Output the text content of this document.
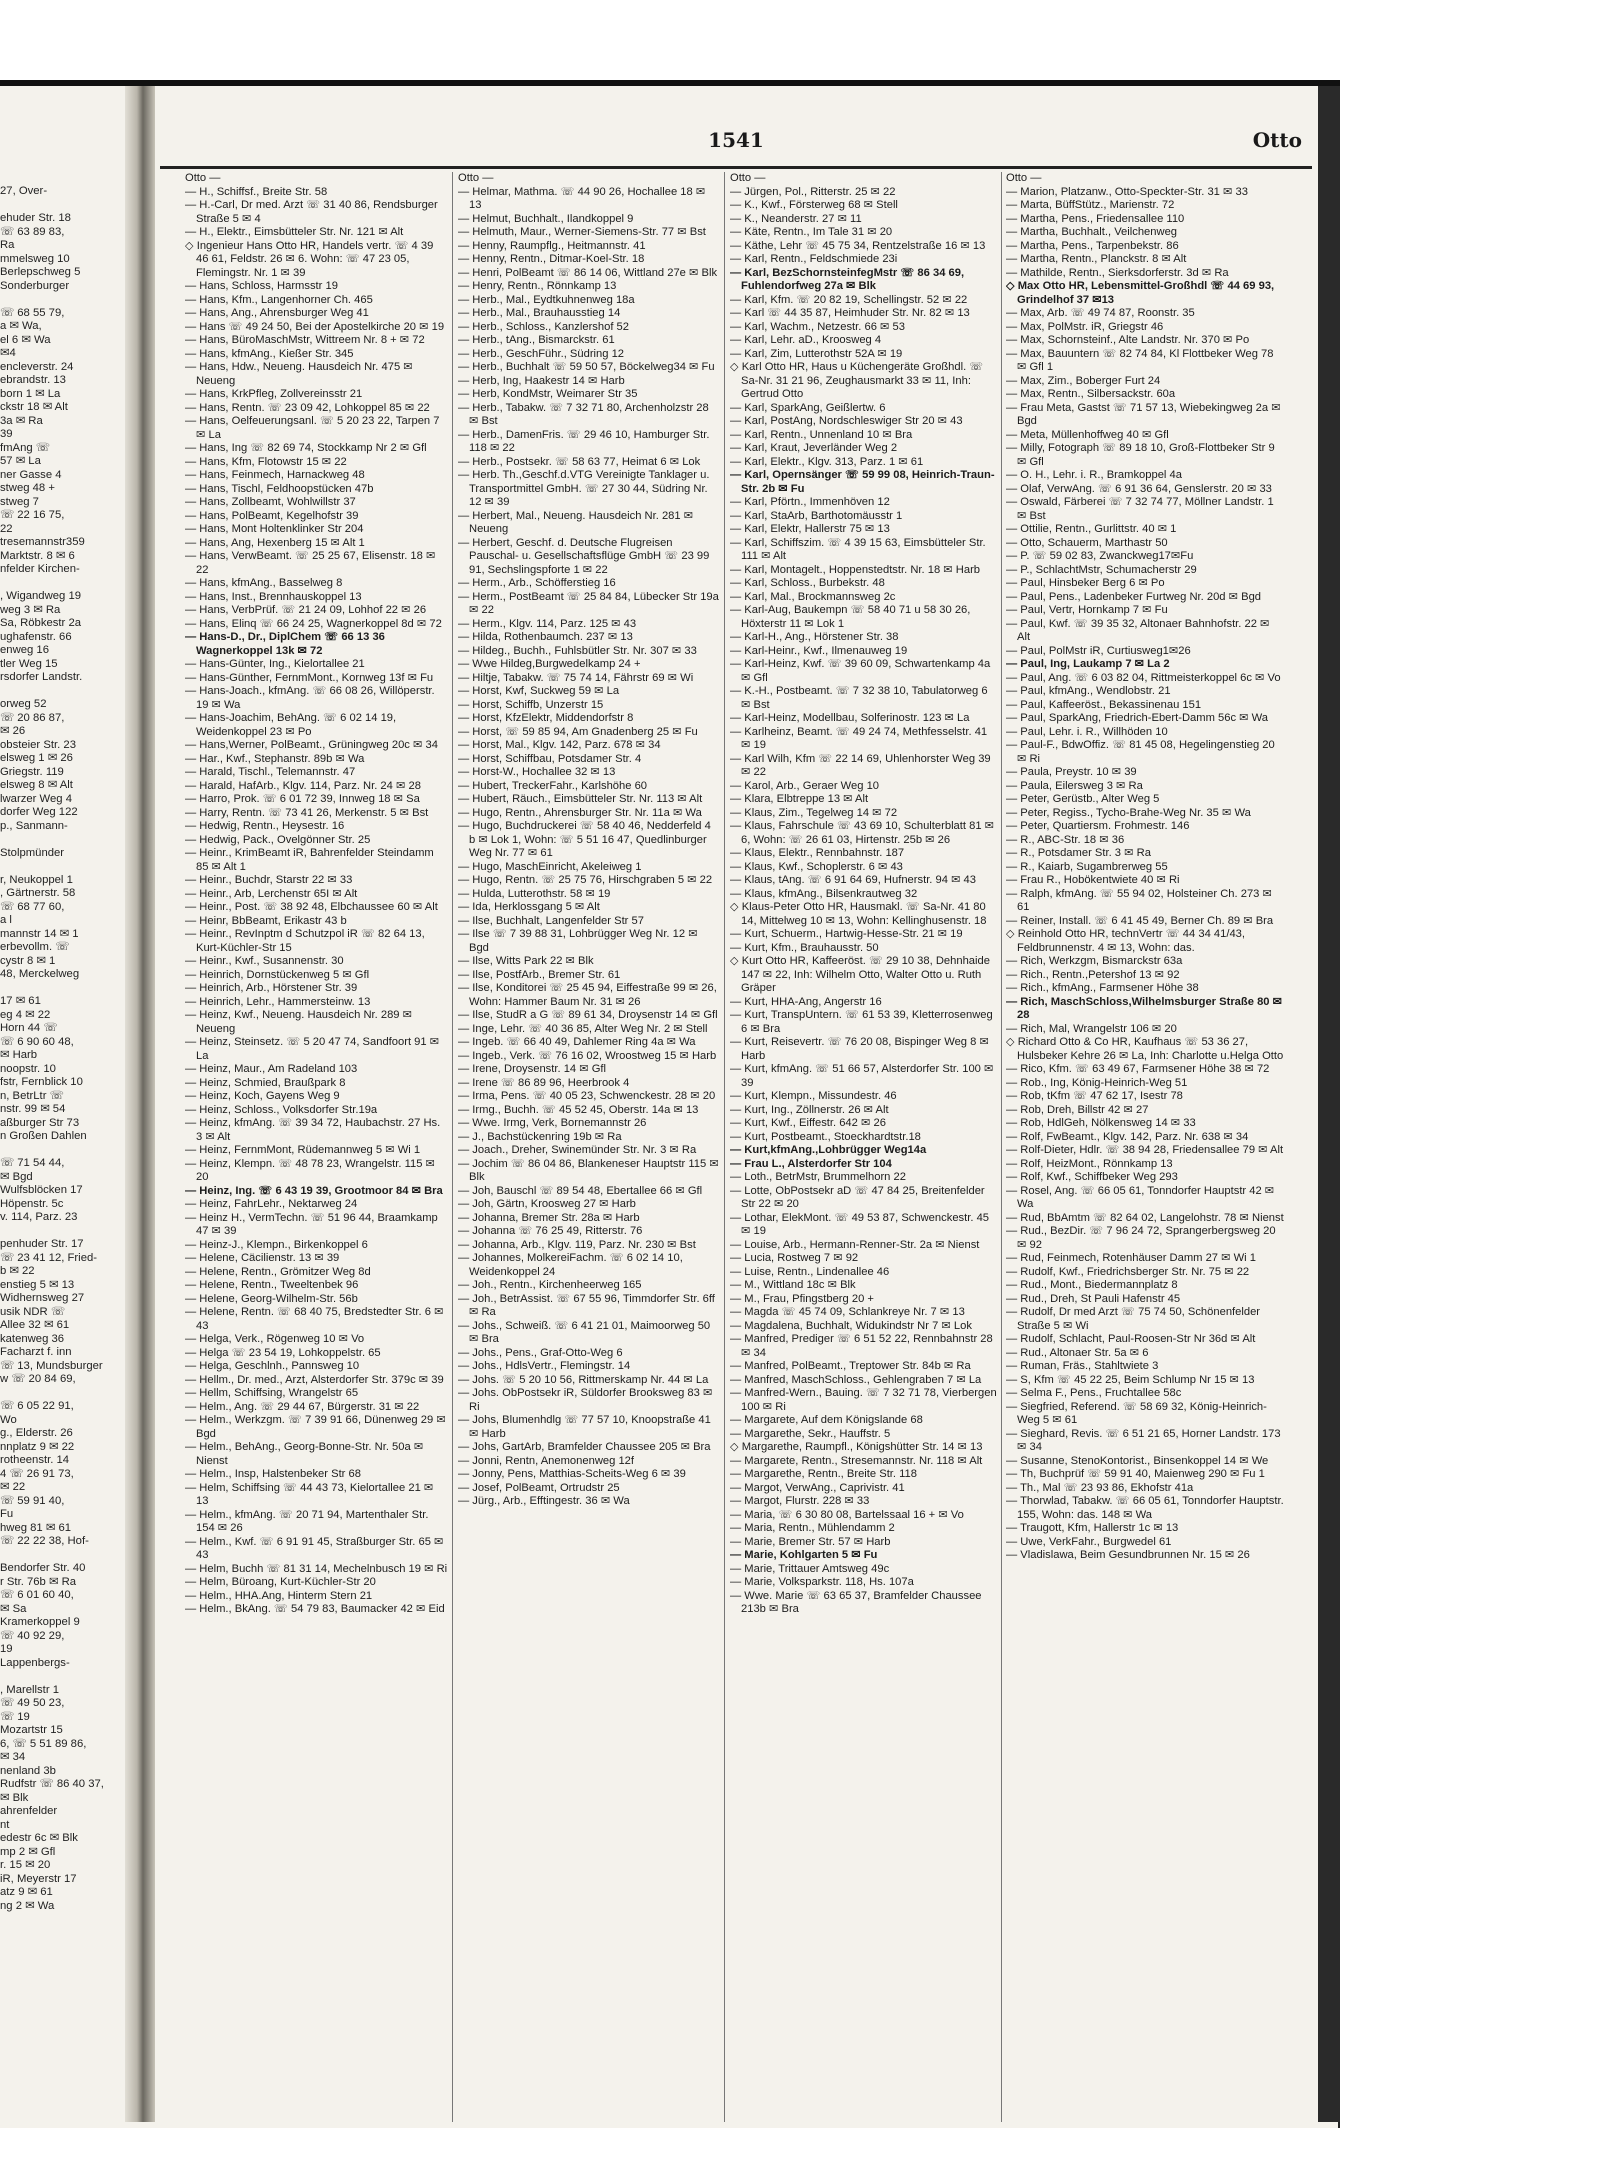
27, Over-

ehuder Str. 18
☏ 63 89 83,
Ra
mmelsweg 10
Berlepschweg 5
Sonderburger

☏ 68 55 79,
a ✉ Wa,
el 6 ✉ Wa
✉4
encleverstr. 24
ebrandstr. 13
born 1 ✉ La
ckstr 18 ✉ Alt
3a ✉ Ra
39
fmAng ☏
57 ✉ La
ner Gasse 4
stweg 48 +
stweg 7
☏ 22 16 75,
22
tresemannstr359
Marktstr. 8 ✉ 6
nfelder Kirchen-

, Wigandweg 19
weg 3 ✉ Ra
Sa, Röbkestr 2a
ughafenstr. 66
enweg 16
tler Weg 15
rsdorfer Landstr.

orweg 52
☏ 20 86 87,
✉ 26
obsteier Str. 23
elsweg 1 ✉ 26
Griegstr. 119
elsweg 8 ✉ Alt
lwarzer Weg 4
dorfer Weg 122
p., Sanmann-

Stolpmünder

r, Neukoppel 1
, Gärtnerstr. 58
☏ 68 77 60,
a l
mannstr 14 ✉ 1
erbevollm. ☏
cystr 8 ✉ 1
48, Merckelweg

17 ✉ 61
eg 4 ✉ 22
Horn 44 ☏
☏ 6 90 60 48,
✉ Harb
noopstr. 10
fstr, Fernblick 10
n, BetrLtr ☏
nstr. 99 ✉ 54
aßburger Str 73
n Großen Dahlen

☏ 71 54 44,
✉ Bgd
Wulfsblöcken 17
Höpenstr. 5c
v. 114, Parz. 23

penhuder Str. 17
☏ 23 41 12, Fried-
b ✉ 22
enstieg 5 ✉ 13
Widhernsweg 27
usik NDR ☏
Allee 32 ✉ 61
katenweg 36
Facharzt f. inn
☏ 13, Mundsburger
w ☏ 20 84 69,

☏ 6 05 22 91,
Wo
g., Elderstr. 26
nnplatz 9 ✉ 22
rotheenstr. 14
4 ☏ 26 91 73,
✉ 22
☏ 59 91 40,
Fu
hweg 81 ✉ 61
☏ 22 22 38, Hof-

Bendorfer Str. 40
r Str. 76b ✉ Ra
☏ 6 01 60 40,
✉ Sa
Kramerkoppel 9
☏ 40 92 29,
19
Lappenbergs-

, Marellstr 1
☏ 49 50 23,
☏ 19
Mozartstr 15
6, ☏ 5 51 89 86,
✉ 34
nenland 3b
Rudfstr ☏ 86 40 37,
✉ Blk
ahrenfelder
nt
edestr 6c ✉ Blk
mp 2 ✉ Gfl
r. 15 ✉ 20
iR, Meyerstr 17
atz 9 ✉ 61
ng 2 ✉ Wa
1541	Otto
Otto —
— H., Schiffsf., Breite Str. 58
— H.-Carl, Dr med. Arzt ☏ 31 40 86, Rendsburger Straße 5 ✉ 4
— H., Elektr., Eimsbütteler Str. Nr. 121 ✉ Alt
◇ Ingenieur Hans Otto HR, Handels vertr. ☏ 4 39 46 61, Feldstr. 26 ✉ 6. Wohn: ☏ 47 23 05, Flemingstr. Nr. 1 ✉ 39
— Hans, Schloss, Harmsstr 19
— Hans, Kfm., Langenhorner Ch. 465
— Hans, Ang., Ahrensburger Weg 41
— Hans ☏ 49 24 50, Bei der Apostelkirche 20 ✉ 19
— Hans, BüroMaschMstr, Wittreem Nr. 8 + ✉ 72
— Hans, kfmAng., Kießer Str. 345
— Hans, Hdw., Neueng. Hausdeich Nr. 475 ✉ Neueng
— Hans, KrkPfleg, Zollvereinsstr 21
— Hans, Rentn. ☏ 23 09 42, Lohkoppel 85 ✉ 22
— Hans, Oelfeuerungsanl. ☏ 5 20 23 22, Tarpen 7 ✉ La
— Hans, Ing ☏ 82 69 74, Stockkamp Nr 2 ✉ Gfl
— Hans, Kfm, Flotowstr 15 ✉ 22
— Hans, Feinmech, Harnackweg 48
— Hans, Tischl, Feldhoopstücken 47b
— Hans, Zollbeamt, Wohlwillstr 37
— Hans, PolBeamt, Kegelhofstr 39
— Hans, Mont Holtenklinker Str 204
— Hans, Ang, Hexenberg 15 ✉ Alt 1
— Hans, VerwBeamt. ☏ 25 25 67, Elisenstr. 18 ✉ 22
— Hans, kfmAng., Basselweg 8
— Hans, Inst., Brennhauskoppel 13
— Hans, VerbPrüf. ☏ 21 24 09, Lohhof 22 ✉ 26
— Hans, Elinq ☏ 66 24 25, Wagnerkoppel 8d ✉ 72
— Hans-D., Dr., DiplChem ☏ 66 13 36 Wagnerkoppel 13k ✉ 72
— Hans-Günter, Ing., Kielortallee 21
— Hans-Günther, FernmMont., Kornweg 13f ✉ Fu
— Hans-Joach., kfmAng. ☏ 66 08 26, Willöperstr. 19 ✉ Wa
— Hans-Joachim, BehAng. ☏ 6 02 14 19, Weidenkoppel 23 ✉ Po
— Hans,Werner, PolBeamt., Grüningweg 20c ✉ 34
— Har., Kwf., Stephanstr. 89b ✉ Wa
— Harald, Tischl., Telemannstr. 47
— Harald, HafArb., Klgv. 114, Parz. Nr. 24 ✉ 28
— Harro, Prok. ☏ 6 01 72 39, Innweg 18 ✉ Sa
— Harry, Rentn. ☏ 73 41 26, Merkenstr. 5 ✉ Bst
— Hedwig, Rentn., Heysestr. 16
— Hedwig, Pack., Ovelgönner Str. 25
— Heinr., KrimBeamt iR, Bahrenfelder Steindamm 85 ✉ Alt 1
— Heinr., Buchdr, Starstr 22 ✉ 33
— Heinr., Arb, Lerchenstr 65I ✉ Alt
— Heinr., Post. ☏ 38 92 48, Elbchaussee 60 ✉ Alt
— Heinr, BbBeamt, Erikastr 43 b
— Heinr., RevInptm d Schutzpol iR ☏ 82 64 13, Kurt-Küchler-Str 15
— Heinr., Kwf., Susannenstr. 30
— Heinrich, Dornstückenweg 5 ✉ Gfl
— Heinrich, Arb., Hörstener Str. 39
— Heinrich, Lehr., Hammersteinw. 13
— Heinz, Kwf., Neueng. Hausdeich Nr. 289 ✉ Neueng
— Heinz, Steinsetz. ☏ 5 20 47 74, Sandfoort 91 ✉ La
— Heinz, Maur., Am Radeland 103
— Heinz, Schmied, Braußpark 8
— Heinz, Koch, Gayens Weg 9
— Heinz, Schloss., Volksdorfer Str.19a
— Heinz, kfmAng. ☏ 39 34 72, Haubachstr. 27 Hs. 3 ✉ Alt
— Heinz, FernmMont, Rüdemannweg 5 ✉ Wi 1
— Heinz, Klempn. ☏ 48 78 23, Wrangelstr. 115 ✉ 20
— Heinz, Ing. ☏ 6 43 19 39, Grootmoor 84 ✉ Bra
— Heinz, FahrLehr., Nektarweg 24
— Heinz H., VermTechn. ☏ 51 96 44, Braamkamp 47 ✉ 39
— Heinz-J., Klempn., Birkenkoppel 6
— Helene, Cäcilienstr. 13 ✉ 39
— Helene, Rentn., Grömitzer Weg 8d
— Helene, Rentn., Tweeltenbek 96
— Helene, Georg-Wilhelm-Str. 56b
— Helene, Rentn. ☏ 68 40 75, Bredstedter Str. 6 ✉ 43
— Helga, Verk., Rögenweg 10 ✉ Vo
— Helga ☏ 23 54 19, Lohkoppelstr. 65
— Helga, Geschlnh., Pannsweg 10
— Hellm., Dr. med., Arzt, Alsterdorfer Str. 379c ✉ 39
— Hellm, Schiffsing, Wrangelstr 65
— Helm., Ang. ☏ 29 44 67, Bürgerstr. 31 ✉ 22
— Helm., Werkzgm. ☏ 7 39 91 66, Dünenweg 29 ✉ Bgd
— Helm., BehAng., Georg-Bonne-Str. Nr. 50a ✉ Nienst
— Helm., Insp, Halstenbeker Str 68
— Helm, Schiffsing ☏ 44 43 73, Kielortallee 21 ✉ 13
— Helm., kfmAng. ☏ 20 71 94, Martenthaler Str. 154 ✉ 26
— Helm., Kwf. ☏ 6 91 91 45, Straßburger Str. 65 ✉ 43
— Helm, Buchh ☏ 81 31 14, Mechelnbusch 19 ✉ Ri
— Helm, Büroang, Kurt-Küchler-Str 20
— Helm., HHA.Ang, Hinterm Stern 21
— Helm., BkAng. ☏ 54 79 83, Baumacker 42 ✉ Eid
Otto —
— Helmar, Mathma. ☏ 44 90 26, Hochallee 18 ✉ 13
— Helmut, Buchhalt., Ilandkoppel 9
— Helmuth, Maur., Werner-Siemens-Str. 77 ✉ Bst
— Henny, Raumpflg., Heitmannstr. 41
— Henny, Rentn., Ditmar-Koel-Str. 18
— Henri, PolBeamt ☏ 86 14 06, Wittland 27e ✉ Blk
— Henry, Rentn., Rönnkamp 13
— Herb., Mal., Eydtkuhnenweg 18a
— Herb., Mal., Brauhausstieg 14
— Herb., Schloss., Kanzlershof 52
— Herb., tAng., Bismarckstr. 61
— Herb., GeschFühr., Südring 12
— Herb., Buchhalt ☏ 59 50 57, Böckelweg34 ✉ Fu
— Herb, Ing, Haakestr 14 ✉ Harb
— Herb, KondMstr, Weimarer Str 35
— Herb., Tabakw. ☏ 7 32 71 80, Archenholzstr 28 ✉ Bst
— Herb., DamenFris. ☏ 29 46 10, Hamburger Str. 118 ✉ 22
— Herb., Postsekr. ☏ 58 63 77, Heimat 6 ✉ Lok
— Herb. Th.,Geschf.d.VTG Vereinigte Tanklager u. Transportmittel GmbH. ☏ 27 30 44, Südring Nr. 12 ✉ 39
— Herbert, Mal., Neueng. Hausdeich Nr. 281 ✉ Neueng
— Herbert, Geschf. d. Deutsche Flugreisen Pauschal- u. Gesellschaftsflüge GmbH ☏ 23 99 91, Sechslingspforte 1 ✉ 22
— Herm., Arb., Schöfferstieg 16
— Herm., PostBeamt ☏ 25 84 84, Lübecker Str 19a ✉ 22
— Herm., Klgv. 114, Parz. 125 ✉ 43
— Hilda, Rothenbaumch. 237 ✉ 13
— Hildeg., Buchh., Fuhlsbütler Str. Nr. 307 ✉ 33
— Wwe Hildeg,Burgwedelkamp 24 +
— Hiltje, Tabakw. ☏ 75 74 14, Fährstr 69 ✉ Wi
— Horst, Kwf, Suckweg 59 ✉ La
— Horst, Schiffb, Unzerstr 15
— Horst, KfzElektr, Middendorfstr 8
— Horst, ☏ 59 85 94, Am Gnadenberg 25 ✉ Fu
— Horst, Mal., Klgv. 142, Parz. 678 ✉ 34
— Horst, Schiffbau, Potsdamer Str. 4
— Horst-W., Hochallee 32 ✉ 13
— Hubert, TreckerFahr., Karlshöhe 60
— Hubert, Räuch., Eimsbütteler Str. Nr. 113 ✉ Alt
— Hugo, Rentn., Ahrensburger Str. Nr. 11a ✉ Wa
— Hugo, Buchdruckerei ☏ 58 40 46, Nedderfeld 4 b ✉ Lok 1, Wohn: ☏ 5 51 16 47, Quedlinburger Weg Nr. 77 ✉ 61
— Hugo, MaschEinricht, Akeleiweg 1
— Hugo, Rentn. ☏ 25 75 76, Hirschgraben 5 ✉ 22
— Hulda, Lutterothstr. 58 ✉ 19
— Ida, Herklossgang 5 ✉ Alt
— Ilse, Buchhalt, Langenfelder Str 57
— Ilse ☏ 7 39 88 31, Lohbrügger Weg Nr. 12 ✉ Bgd
— Ilse, Witts Park 22 ✉ Blk
— Ilse, PostfArb., Bremer Str. 61
— Ilse, Konditorei ☏ 25 45 94, Eiffestraße 99 ✉ 26, Wohn: Hammer Baum Nr. 31 ✉ 26
— Ilse, StudR a G ☏ 89 61 34, Droysenstr 14 ✉ Gfl
— Inge, Lehr. ☏ 40 36 85, Alter Weg Nr. 2 ✉ Stell
— Ingeb. ☏ 66 40 49, Dahlemer Ring 4a ✉ Wa
— Ingeb., Verk. ☏ 76 16 02, Wroostweg 15 ✉ Harb
— Irene, Droysenstr. 14 ✉ Gfl
— Irene ☏ 86 89 96, Heerbrook 4
— Irma, Pens. ☏ 40 05 23, Schwenckestr. 28 ✉ 20
— Irmg., Buchh. ☏ 45 52 45, Oberstr. 14a ✉ 13
— Wwe. Irmg, Verk, Bornemannstr 26
— J., Bachstückenring 19b ✉ Ra
— Joach., Dreher, Swinemünder Str. Nr. 3 ✉ Ra
— Jochim ☏ 86 04 86, Blankeneser Hauptstr 115 ✉ Blk
— Joh, Bauschl ☏ 89 54 48, Ebertallee 66 ✉ Gfl
— Joh, Gärtn, Kroosweg 27 ✉ Harb
— Johanna, Bremer Str. 28a ✉ Harb
— Johanna ☏ 76 25 49, Ritterstr. 76
— Johanna, Arb., Klgv. 119, Parz. Nr. 230 ✉ Bst
— Johannes, MolkereiFachm. ☏ 6 02 14 10, Weidenkoppel 24
— Joh., Rentn., Kirchenheerweg 165
— Joh., BetrAssist. ☏ 67 55 96, Timmdorfer Str. 6ff ✉ Ra
— Johs., Schweiß. ☏ 6 41 21 01, Maimoorweg 50 ✉ Bra
— Johs., Pens., Graf-Otto-Weg 6
— Johs., HdlsVertr., Flemingstr. 14
— Johs. ☏ 5 20 10 56, Rittmerskamp Nr. 44 ✉ La
— Johs. ObPostsekr iR, Süldorfer Brooksweg 83 ✉ Ri
— Johs, Blumenhdlg ☏ 77 57 10, Knoopstraße 41 ✉ Harb
— Johs, GartArb, Bramfelder Chaussee 205 ✉ Bra
— Jonni, Rentn, Anemonenweg 12f
— Jonny, Pens, Matthias-Scheits-Weg 6 ✉ 39
— Josef, PolBeamt, Ortrudstr 25
— Jürg., Arb., Efftingestr. 36 ✉ Wa
Otto —
— Jürgen, Pol., Ritterstr. 25 ✉ 22
— K., Kwf., Försterweg 68 ✉ Stell
— K., Neanderstr. 27 ✉ 11
— Käte, Rentn., Im Tale 31 ✉ 20
— Käthe, Lehr ☏ 45 75 34, Rentzelstraße 16 ✉ 13
— Karl, Rentn., Feldschmiede 23i
— Karl, BezSchornsteinfegMstr ☏ 86 34 69, Fuhlendorfweg 27a ✉ Blk
— Karl, Kfm. ☏ 20 82 19, Schellingstr. 52 ✉ 22
— Karl ☏ 44 35 87, Heimhuder Str. Nr. 82 ✉ 13
— Karl, Wachm., Netzestr. 66 ✉ 53
— Karl, Lehr. aD., Kroosweg 4
— Karl, Zim, Lutterothstr 52A ✉ 19
◇ Karl Otto HR, Haus u Küchengeräte Großhdl. ☏ Sa-Nr. 31 21 96, Zeughausmarkt 33 ✉ 11, Inh: Gertrud Otto
— Karl, SparkAng, Geißlertw. 6
— Karl, PostAng, Nordschleswiger Str 20 ✉ 43
— Karl, Rentn., Unnenland 10 ✉ Bra
— Karl, Kraut, Jeverländer Weg 2
— Karl, Elektr., Klgv. 313, Parz. 1 ✉ 61
— Karl, Opernsänger ☏ 59 99 08, Heinrich-Traun-Str. 2b ✉ Fu
— Karl, Pförtn., Immenhöven 12
— Karl, StaArb, Barthotomäusstr 1
— Karl, Elektr, Hallerstr 75 ✉ 13
— Karl, Schiffszim. ☏ 4 39 15 63, Eimsbütteler Str. 111 ✉ Alt
— Karl, Montagelt., Hoppenstedtstr. Nr. 18 ✉ Harb
— Karl, Schloss., Burbekstr. 48
— Karl, Mal., Brockmannsweg 2c
— Karl-Aug, Baukempn ☏ 58 40 71 u 58 30 26, Höxterstr 11 ✉ Lok 1
— Karl-H., Ang., Hörstener Str. 38
— Karl-Heinr., Kwf., Ilmenauweg 19
— Karl-Heinz, Kwf. ☏ 39 60 09, Schwartenkamp 4a ✉ Gfl
— K.-H., Postbeamt. ☏ 7 32 38 10, Tabulatorweg 6 ✉ Bst
— Karl-Heinz, Modellbau, Solferinostr. 123 ✉ La
— Karlheinz, Beamt. ☏ 49 24 74, Methfesselstr. 41 ✉ 19
— Karl Wilh, Kfm ☏ 22 14 69, Uhlenhorster Weg 39 ✉ 22
— Karol, Arb., Geraer Weg 10
— Klara, Elbtreppe 13 ✉ Alt
— Klaus, Zim., Tegelweg 14 ✉ 72
— Klaus, Fahrschule ☏ 43 69 10, Schulterblatt 81 ✉ 6, Wohn: ☏ 26 61 03, Hirtenstr. 25b ✉ 26
— Klaus, Elektr., Rennbahnstr. 187
— Klaus, Kwf., Schoplerstr. 6 ✉ 43
— Klaus, tAng. ☏ 6 91 64 69, Hufnerstr. 94 ✉ 43
— Klaus, kfmAng., Bilsenkrautweg 32
◇ Klaus-Peter Otto HR, Hausmakl. ☏ Sa-Nr. 41 80 14, Mittelweg 10 ✉ 13, Wohn: Kellinghusenstr. 18
— Kurt, Schuerm., Hartwig-Hesse-Str. 21 ✉ 19
— Kurt, Kfm., Brauhausstr. 50
◇ Kurt Otto HR, Kaffeeröst. ☏ 29 10 38, Dehnhaide 147 ✉ 22, Inh: Wilhelm Otto, Walter Otto u. Ruth Gräper
— Kurt, HHA-Ang, Angerstr 16
— Kurt, TranspUntern. ☏ 61 53 39, Kletterrosenweg 6 ✉ Bra
— Kurt, Reisevertr. ☏ 76 20 08, Bispinger Weg 8 ✉ Harb
— Kurt, kfmAng. ☏ 51 66 57, Alsterdorfer Str. 100 ✉ 39
— Kurt, Klempn., Missundestr. 46
— Kurt, Ing., Zöllnerstr. 26 ✉ Alt
— Kurt, Kwf., Eiffestr. 642 ✉ 26
— Kurt, Postbeamt., Stoeckhardtstr.18
— Kurt,kfmAng.,Lohbrügger Weg14a
— Frau L., Alsterdorfer Str 104
— Loth., BetrMstr, Brummelhorn 22
— Lotte, ObPostsekr aD ☏ 47 84 25, Breitenfelder Str 22 ✉ 20
— Lothar, ElekMont. ☏ 49 53 87, Schwenckestr. 45 ✉ 19
— Louise, Arb., Hermann-Renner-Str. 2a ✉ Nienst
— Lucia, Rostweg 7 ✉ 92
— Luise, Rentn., Lindenallee 46
— M., Wittland 18c ✉ Blk
— M., Frau, Pfingstberg 20 +
— Magda ☏ 45 74 09, Schlankreye Nr. 7 ✉ 13
— Magdalena, Buchhalt, Widukindstr Nr 7 ✉ Lok
— Manfred, Prediger ☏ 6 51 52 22, Rennbahnstr 28 ✉ 34
— Manfred, PolBeamt., Treptower Str. 84b ✉ Ra
— Manfred, MaschSchloss., Gehlengraben 7 ✉ La
— Manfred-Wern., Bauing. ☏ 7 32 71 78, Vierbergen 100 ✉ Ri
— Margarete, Auf dem Königslande 68
— Margarethe, Sekr., Hauffstr. 5
◇ Margarethe, Raumpfl., Königshütter Str. 14 ✉ 13
— Margarete, Rentn., Stresemannstr. Nr. 118 ✉ Alt
— Margarethe, Rentn., Breite Str. 118
— Margot, VerwAng., Caprivistr. 41
— Margot, Flurstr. 228 ✉ 33
— Maria, ☏ 6 30 80 08, Bartelssaal 16 + ✉ Vo
— Maria, Rentn., Mühlendamm 2
— Marie, Bremer Str. 57 ✉ Harb
— Marie, Kohlgarten 5 ✉ Fu
— Marie, Trittauer Amtsweg 49c
— Marie, Volksparkstr. 118, Hs. 107a
— Wwe. Marie ☏ 63 65 37, Bramfelder Chaussee 213b ✉ Bra
Otto —
— Marion, Platzanw., Otto-Speckter-Str. 31 ✉ 33
— Marta, BüffStütz., Marienstr. 72
— Martha, Pens., Friedensallee 110
— Martha, Buchhalt., Veilchenweg
— Martha, Pens., Tarpenbekstr. 86
— Martha, Rentn., Planckstr. 8 ✉ Alt
— Mathilde, Rentn., Sierksdorferstr. 3d ✉ Ra
◇ Max Otto HR, Lebensmittel-Großhdl ☏ 44 69 93, Grindelhof 37 ✉13
— Max, Arb. ☏ 49 74 87, Roonstr. 35
— Max, PolMstr. iR, Griegstr 46
— Max, Schornsteinf., Alte Landstr. Nr. 370 ✉ Po
— Max, Bauuntern ☏ 82 74 84, Kl Flottbeker Weg 78 ✉ Gfl 1
— Max, Zim., Boberger Furt 24
— Max, Rentn., Silbersackstr. 60a
— Frau Meta, Gastst ☏ 71 57 13, Wiebekingweg 2a ✉ Bgd
— Meta, Müllenhoffweg 40 ✉ Gfl
— Milly, Fotograph ☏ 89 18 10, Groß-Flottbeker Str 9 ✉ Gfl
— O. H., Lehr. i. R., Bramkoppel 4a
— Olaf, VerwAng. ☏ 6 91 36 64, Genslerstr. 20 ✉ 33
— Oswald, Färberei ☏ 7 32 74 77, Möllner Landstr. 1 ✉ Bst
— Ottilie, Rentn., Gurlittstr. 40 ✉ 1
— Otto, Schauerm, Marthastr 50
— P. ☏ 59 02 83, Zwanckweg17✉Fu
— P., SchlachtMstr, Schumacherstr 29
— Paul, Hinsbeker Berg 6 ✉ Po
— Paul, Pens., Ladenbeker Furtweg Nr. 20d ✉ Bgd
— Paul, Vertr, Hornkamp 7 ✉ Fu
— Paul, Kwf. ☏ 39 35 32, Altonaer Bahnhofstr. 22 ✉ Alt
— Paul, PolMstr iR, Curtiusweg1✉26
— Paul, Ing, Laukamp 7 ✉ La 2
— Paul, Ang. ☏ 6 03 82 04, Rittmeisterkoppel 6c ✉ Vo
— Paul, kfmAng., Wendlobstr. 21
— Paul, Kaffeeröst., Bekassinenau 151
— Paul, SparkAng, Friedrich-Ebert-Damm 56c ✉ Wa
— Paul, Lehr. i. R., Willhöden 10
— Paul-F., BdwOffiz. ☏ 81 45 08, Hegelingenstieg 20 ✉ Ri
— Paula, Preystr. 10 ✉ 39
— Paula, Eilersweg 3 ✉ Ra
— Peter, Gerüstb., Alter Weg 5
— Peter, Regiss., Tycho-Brahe-Weg Nr. 35 ✉ Wa
— Peter, Quartiersm. Frohmestr. 146
— R., ABC-Str. 18 ✉ 36
— R., Potsdamer Str. 3 ✉ Ra
— R., Kaiarb, Sugambrerweg 55
— Frau R., Hobökentwiete 40 ✉ Ri
— Ralph, kfmAng. ☏ 55 94 02, Holsteiner Ch. 273 ✉ 61
— Reiner, Install. ☏ 6 41 45 49, Berner Ch. 89 ✉ Bra
◇ Reinhold Otto HR, technVertr ☏ 44 34 41/43, Feldbrunnenstr. 4 ✉ 13, Wohn: das.
— Rich, Werkzgm, Bismarckstr 63a
— Rich., Rentn.,Petershof 13 ✉ 92
— Rich., kfmAng., Farmsener Höhe 38
— Rich, MaschSchloss,Wilhelmsburger Straße 80 ✉ 28
— Rich, Mal, Wrangelstr 106 ✉ 20
◇ Richard Otto & Co HR, Kaufhaus ☏ 53 36 27, Hulsbeker Kehre 26 ✉ La, Inh: Charlotte u.Helga Otto
— Rico, Kfm. ☏ 63 49 67, Farmsener Höhe 38 ✉ 72
— Rob., Ing, König-Heinrich-Weg 51
— Rob, tKfm ☏ 47 62 17, Isestr 78
— Rob, Dreh, Billstr 42 ✉ 27
— Rob, HdlGeh, Nölkensweg 14 ✉ 33
— Rolf, FwBeamt., Klgv. 142, Parz. Nr. 638 ✉ 34
— Rolf-Dieter, Hdlr. ☏ 38 94 28, Friedensallee 79 ✉ Alt
— Rolf, HeizMont., Rönnkamp 13
— Rolf, Kwf., Schiffbeker Weg 293
— Rosel, Ang. ☏ 66 05 61, Tonndorfer Hauptstr 42 ✉ Wa
— Rud, BbAmtm ☏ 82 64 02, Langelohstr. 78 ✉ Nienst
— Rud., BezDir. ☏ 7 96 24 72, Sprangerbergsweg 20 ✉ 92
— Rud, Feinmech, Rotenhäuser Damm 27 ✉ Wi 1
— Rudolf, Kwf., Friedrichsberger Str. Nr. 75 ✉ 22
— Rud., Mont., Biedermannplatz 8
— Rud., Dreh, St Pauli Hafenstr 45
— Rudolf, Dr med Arzt ☏ 75 74 50, Schönenfelder Straße 5 ✉ Wi
— Rudolf, Schlacht, Paul-Roosen-Str Nr 36d ✉ Alt
— Rud., Altonaer Str. 5a ✉ 6
— Ruman, Fräs., Stahltwiete 3
— S, Kfm ☏ 45 22 25, Beim Schlump Nr 15 ✉ 13
— Selma F., Pens., Fruchtallee 58c
— Siegfried, Referend. ☏ 58 69 32, König-Heinrich-Weg 5 ✉ 61
— Sieghard, Revis. ☏ 6 51 21 65, Horner Landstr. 173 ✉ 34
— Susanne, StenoKontorist., Binsenkoppel 14 ✉ We
— Th, Buchprüf ☏ 59 91 40, Maienweg 290 ✉ Fu 1
— Th., Mal ☏ 23 93 86, Ekhofstr 41a
— Thorwlad, Tabakw. ☏ 66 05 61, Tonndorfer Hauptstr. 155, Wohn: das. 148 ✉ Wa
— Traugott, Kfm, Hallerstr 1c ✉ 13
— Uwe, VerkFahr., Burgwedel 61
— Vladislawa, Beim Gesundbrunnen Nr. 15 ✉ 26
